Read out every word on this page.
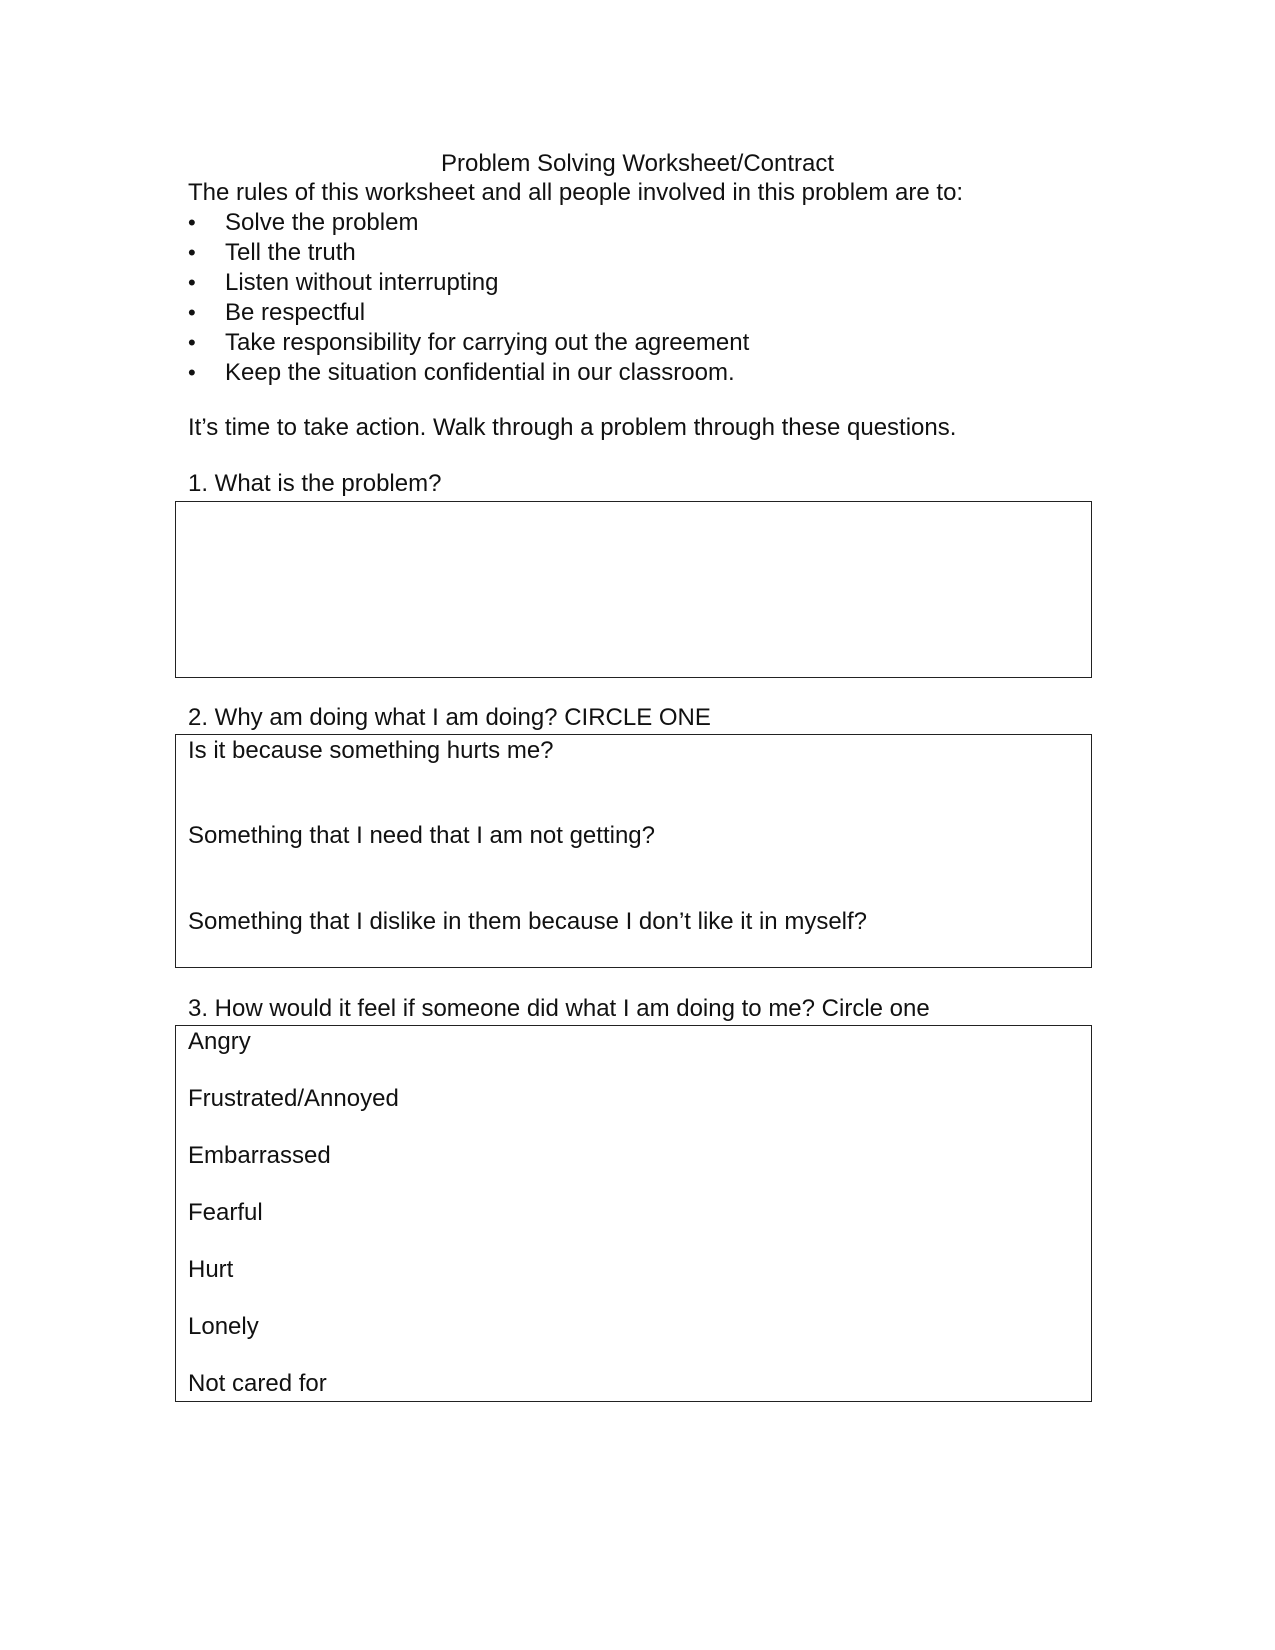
Problem Solving Worksheet/Contract
The rules of this worksheet and all people involved in this problem are to:
• Solve the problem
• Tell the truth
• Listen without interrupting
• Be respectful
• Take responsibility for carrying out the agreement
• Keep the situation confidential in our classroom.
It’s time to take action. Walk through a problem through these questions.
1. What is the problem?
2. Why am doing what I am doing? CIRCLE ONE
Is it because something hurts me?
Something that I need that I am not getting?
Something that I dislike in them because I don’t like it in myself?
3. How would it feel if someone did what I am doing to me? Circle one
Angry
Frustrated/Annoyed
Embarrassed
Fearful
Hurt
Lonely
Not cared for
